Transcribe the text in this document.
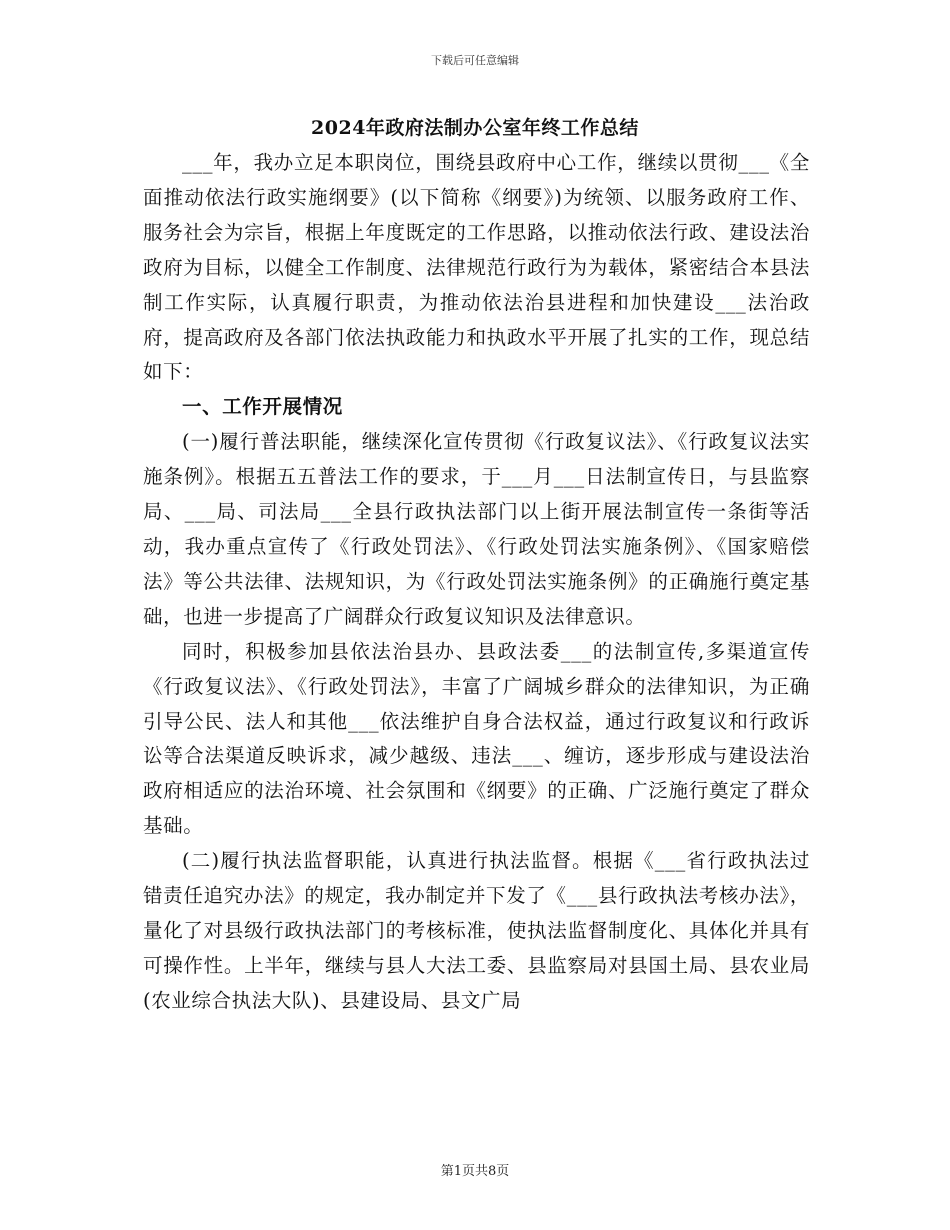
下载后可任意编辑
2024年政府法制办公室年终工作总结

___年，我办立足本职岗位，围绕县政府中心工作，继续以贯彻___《全面推动依法行政实施纲要》(以下简称《纲要》)为统领、以服务政府工作、服务社会为宗旨，根据上年度既定的工作思路，以推动依法行政、建设法治政府为目标，以健全工作制度、法律规范行政行为为载体，紧密结合本县法制工作实际，认真履行职责，为推动依法治县进程和加快建设___法治政府，提高政府及各部门依法执政能力和执政水平开展了扎实的工作，现总结如下：

一、工作开展情况

(一)履行普法职能，继续深化宣传贯彻《行政复议法》、《行政复议法实施条例》。根据五五普法工作的要求，于___月___日法制宣传日，与县监察局、___局、司法局___全县行政执法部门以上街开展法制宣传一条街等活动，我办重点宣传了《行政处罚法》、《行政处罚法实施条例》、《国家赔偿法》等公共法律、法规知识，为《行政处罚法实施条例》的正确施行奠定基础，也进一步提高了广阔群众行政复议知识及法律意识。

同时，积极参加县依法治县办、县政法委___的法制宣传,多渠道宣传《行政复议法》、《行政处罚法》，丰富了广阔城乡群众的法律知识，为正确引导公民、法人和其他___依法维护自身合法权益，通过行政复议和行政诉讼等合法渠道反映诉求，减少越级、违法___、缠访，逐步形成与建设法治政府相适应的法治环境、社会氛围和《纲要》的正确、广泛施行奠定了群众基础。

(二)履行执法监督职能，认真进行执法监督。根据《___省行政执法过错责任追究办法》的规定，我办制定并下发了《___县行政执法考核办法》，量化了对县级行政执法部门的考核标准，使执法监督制度化、具体化并具有可操作性。上半年，继续与县人大法工委、县监察局对县国土局、县农业局(农业综合执法大队)、县建设局、县文广局

第1页共8页
